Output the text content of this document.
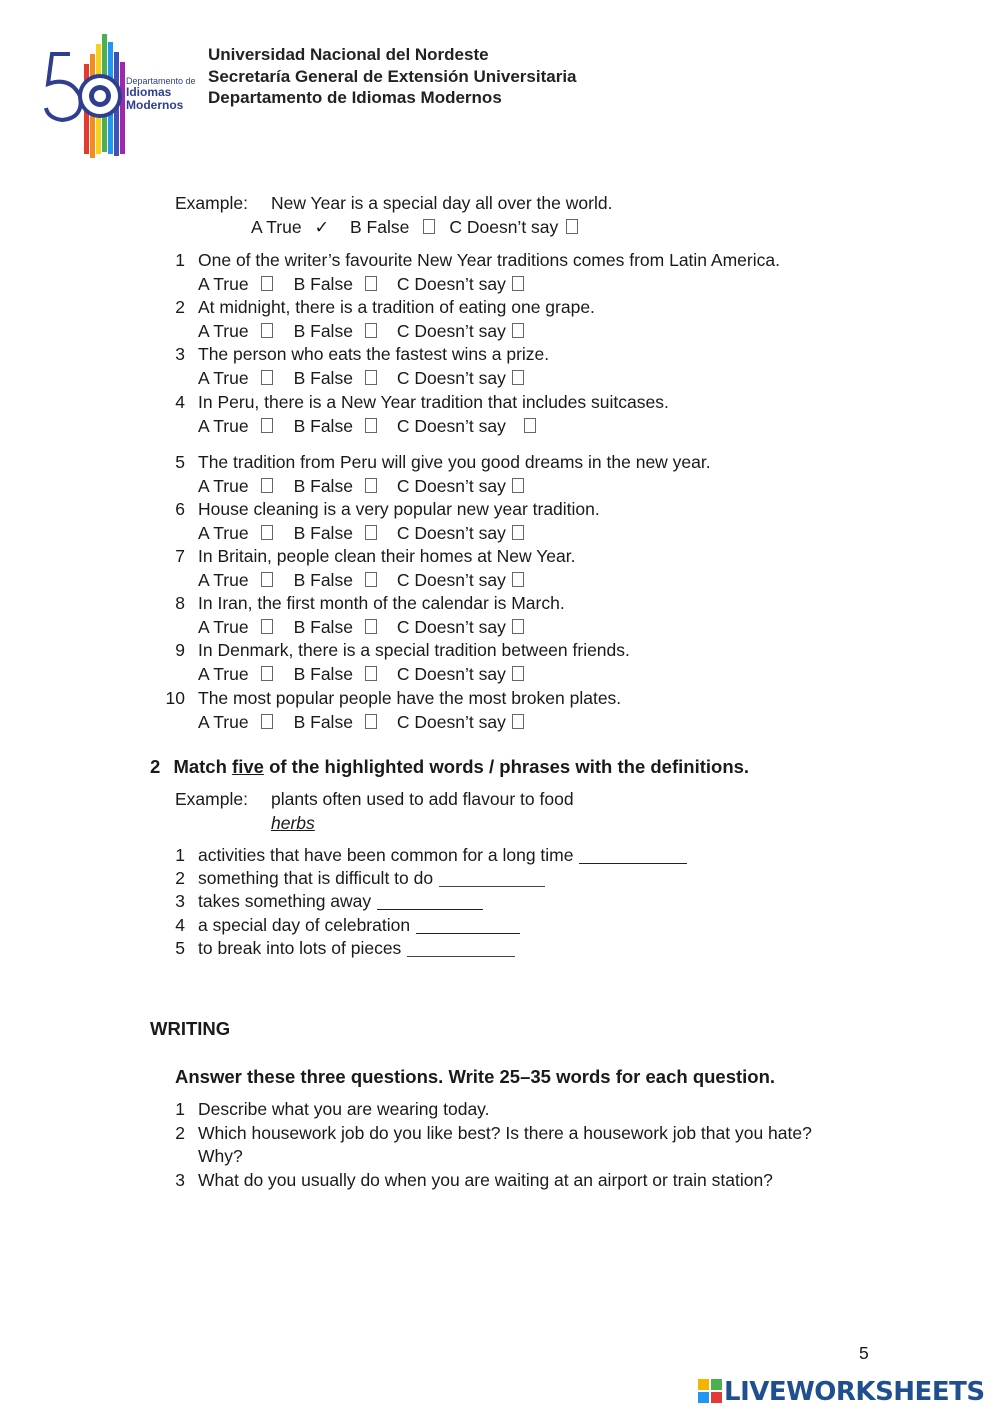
Departamento de
Idiomas
Modernos
Universidad Nacional del Nordeste
Secretaría General de Extensión Universitaria
Departamento de Idiomas Modernos
Example: New Year is a special day all over the world.
A True ✓ B False C Doesn’t say
1 One of the writer’s favourite New Year traditions comes from Latin America.
A True	B False	C Doesn’t say
2 At midnight, there is a tradition of eating one grape.
A True	B False	C Doesn’t say
3 The person who eats the fastest wins a prize.
A True	B False	C Doesn’t say
4 In Peru, there is a New Year tradition that includes suitcases.
A True	B False	C Doesn’t say
5 The tradition from Peru will give you good dreams in the new year.
A True	B False	C Doesn’t say
6 House cleaning is a very popular new year tradition.
A True	B False	C Doesn’t say
7 In Britain, people clean their homes at New Year.
A True	B False	C Doesn’t say
8 In Iran, the first month of the calendar is March.
A True	B False	C Doesn’t say
9 In Denmark, there is a special tradition between friends.
A True	B False	C Doesn’t say
10 The most popular people have the most broken plates.
A True	B False	C Doesn’t say
2 Match five of the highlighted words / phrases with the definitions.
Example: plants often used to add flavour to food
herbs
1 activities that have been common for a long time
2 something that is difficult to do
3 takes something away
4 a special day of celebration
5 to break into lots of pieces
WRITING
Answer these three questions. Write 25–35 words for each question.
1 Describe what you are wearing today.
2 Which housework job do you like best? Is there a housework job that you hate?
Why?
3 What do you usually do when you are waiting at an airport or train station?
5
LIVEWORKSHEETS
